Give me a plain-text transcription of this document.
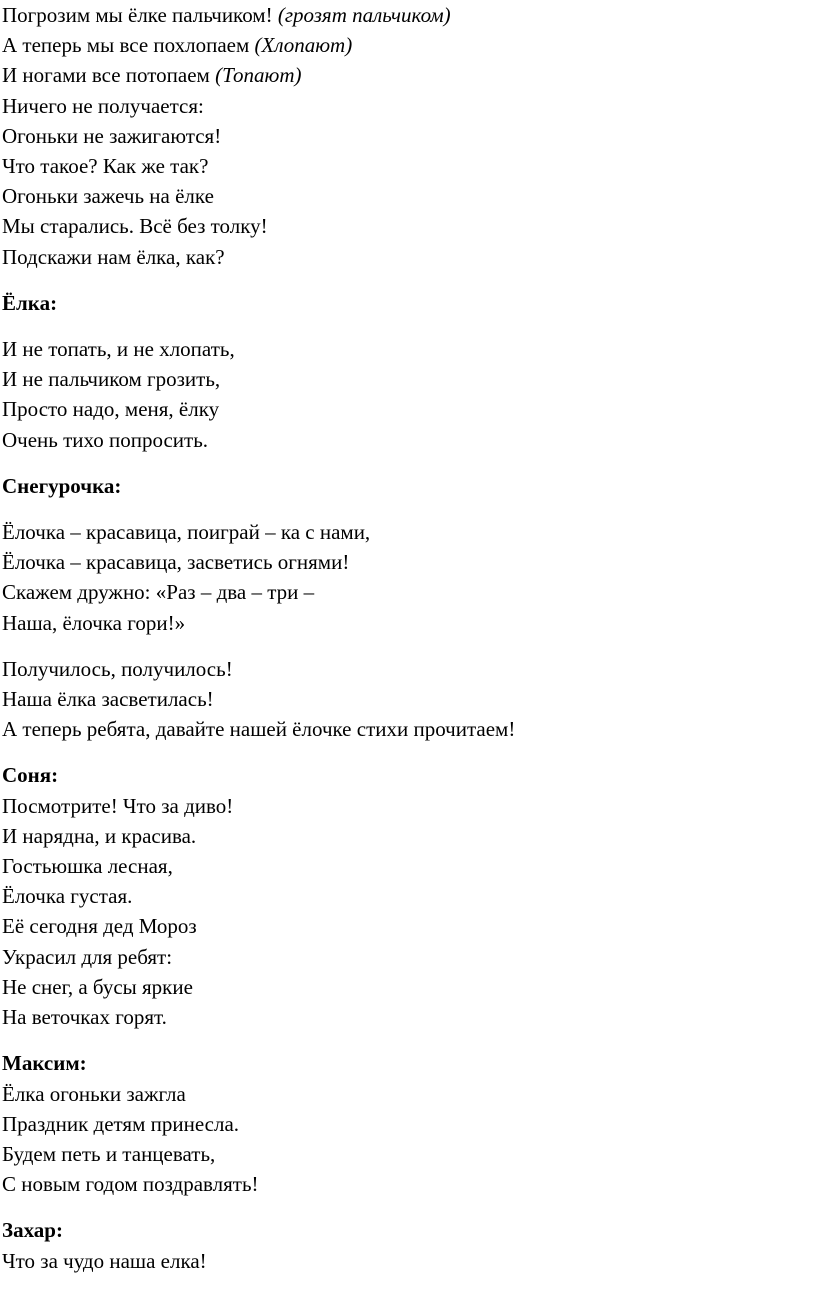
Погрозим мы ёлке пальчиком! (грозят пальчиком)
А теперь мы все похлопаем (Хлопают)
И ногами все потопаем (Топают)
Ничего не получается:
Огоньки не зажигаются!
Что такое? Как же так?
Огоньки зажечь на ёлке
Мы старались. Всё без толку!
Подскажи нам ёлка, как?
Ёлка:
И не топать, и не хлопать,
И не пальчиком грозить,
Просто надо, меня, ёлку
Очень тихо попросить.
Снегурочка:
Ёлочка – красавица, поиграй – ка с нами,
Ёлочка – красавица, засветись огнями!
Скажем дружно: «Раз – два – три –
Наша, ёлочка гори!»
Получилось, получилось!
Наша ёлка засветилась!
А теперь ребята, давайте нашей ёлочке стихи прочитаем!
Соня:
Посмотрите! Что за диво!
И нарядна, и красива.
Гостьюшка лесная,
Ёлочка густая.
Её сегодня дед Мороз
Украсил для ребят:
Не снег, а бусы яркие
На веточках горят.
Максим:
Ёлка огоньки зажгла
Праздник детям принесла.
Будем петь и танцевать,
С новым годом поздравлять!
Захар:
Что за чудо наша елка!
